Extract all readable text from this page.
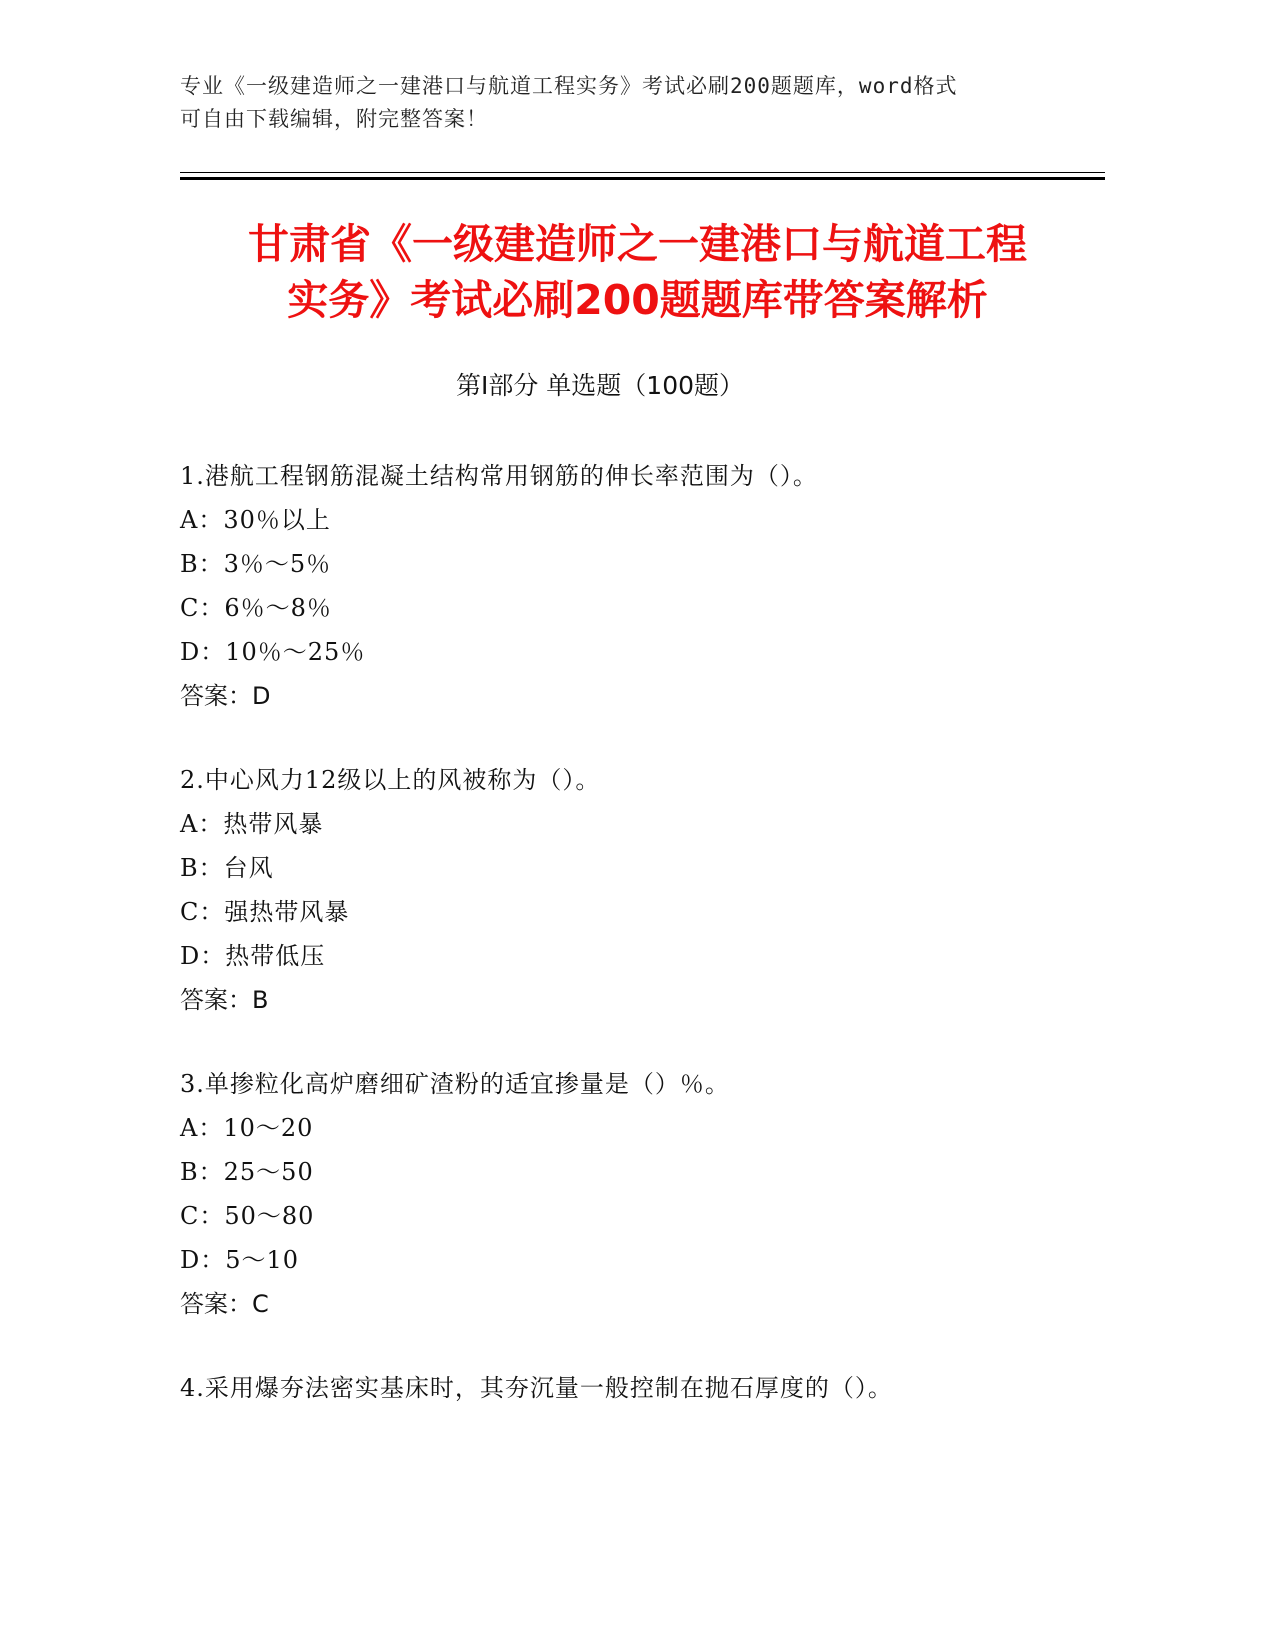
专业《一级建造师之一建港口与航道工程实务》考试必刷200题题库，word格式
可自由下载编辑，附完整答案！
甘肃省《一级建造师之一建港口与航道工程
实务》考试必刷200题题库带答案解析
第Ⅰ部分 单选题（100题）
1.港航工程钢筋混凝土结构常用钢筋的伸长率范围为（）。
A：30％以上
B：3％～5％
C：6％～8％
D：10％～25％
答案：D
2.中心风力12级以上的风被称为（）。
A：热带风暴
B：台风
C：强热带风暴
D：热带低压
答案：B
3.单掺粒化高炉磨细矿渣粉的适宜掺量是（）％。
A：10～20
B：25～50
C：50～80
D：5～10
答案：C
4.采用爆夯法密实基床时，其夯沉量一般控制在抛石厚度的（）。
